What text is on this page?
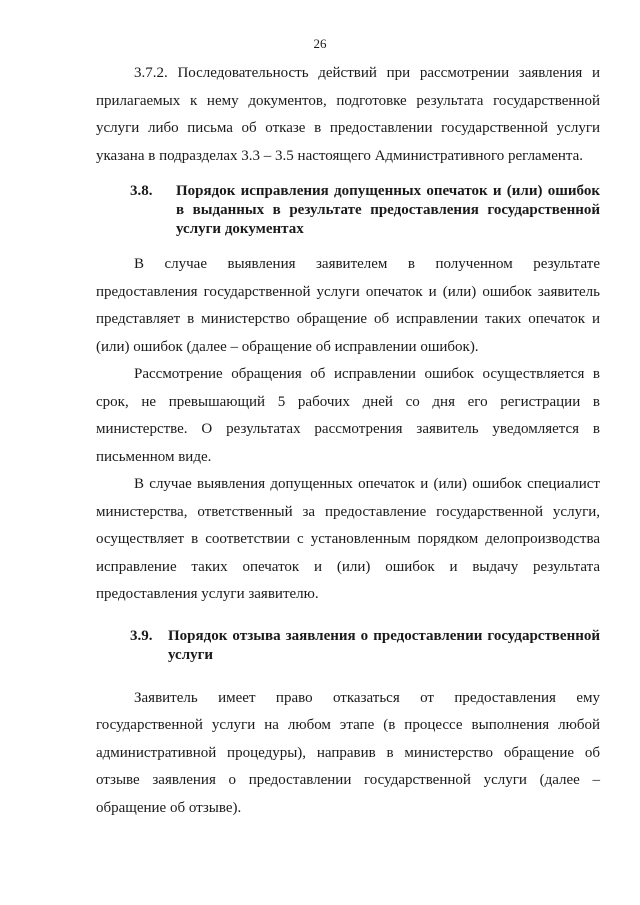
26

3.7.2. Последовательность действий при рассмотрении заявления и прилагаемых к нему документов, подготовке результата государственной услуги либо письма об отказе в предоставлении государственной услуги указана в подразделах 3.3 – 3.5 настоящего Административного регламента.

3.8.	Порядок исправления допущенных опечаток и (или) ошибок в выданных в результате предоставления государственной услуги документах

В случае выявления заявителем в полученном результате предоставления государственной услуги опечаток и (или) ошибок заявитель представляет в министерство обращение об исправлении таких опечаток и (или) ошибок (далее – обращение об исправлении ошибок).

Рассмотрение обращения об исправлении ошибок осуществляется в срок, не превышающий 5 рабочих дней со дня его регистрации в министерстве. О результатах рассмотрения заявитель уведомляется в письменном виде.

В случае выявления допущенных опечаток и (или) ошибок специалист министерства, ответственный за предоставление государственной услуги, осуществляет в соответствии с установленным порядком делопроизводства исправление таких опечаток и (или) ошибок и выдачу результата предоставления услуги заявителю.

3.9.	Порядок отзыва заявления о предоставлении государственной услуги

Заявитель имеет право отказаться от предоставления ему государственной услуги на любом этапе (в процессе выполнения любой административной процедуры), направив в министерство обращение об отзыве заявления о предоставлении государственной услуги (далее – обращение об отзыве).
